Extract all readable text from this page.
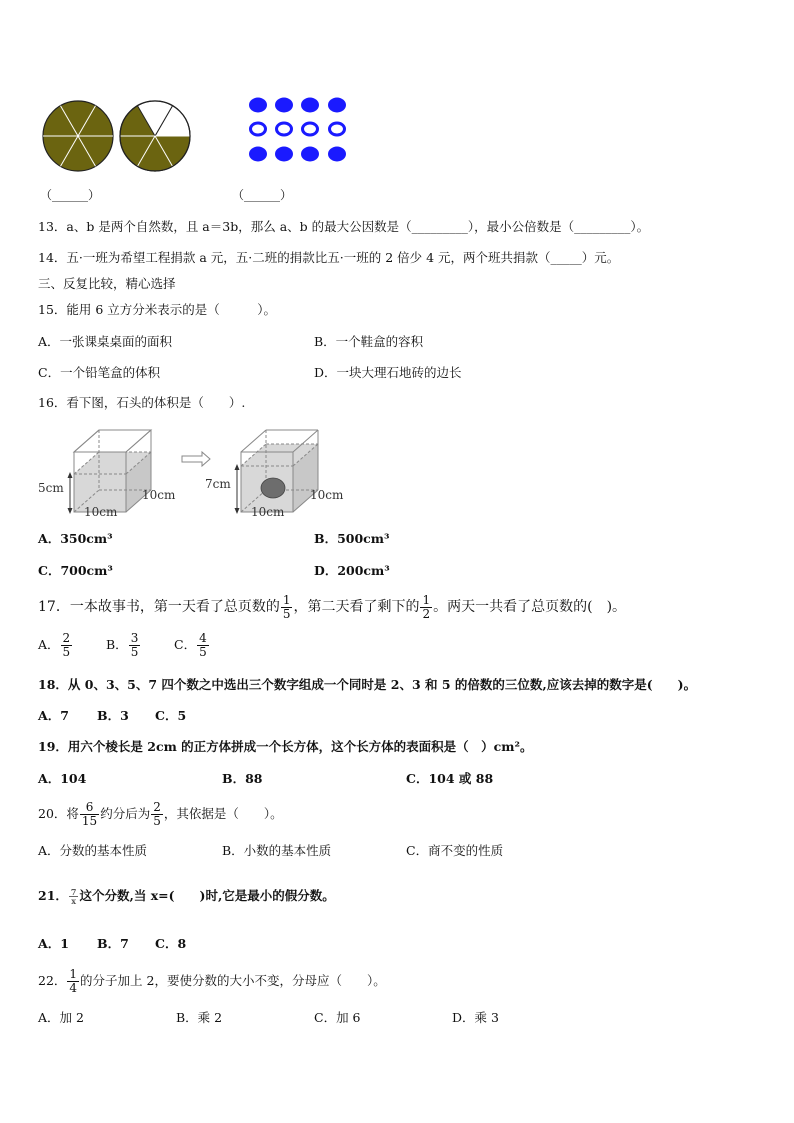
（______）	（______）
13．a、b 是两个自然数，且 a＝3b，那么 a、b 的最大公因数是（_________），最小公倍数是（_________）。
14．五·一班为希望工程捐款 a 元，五·二班的捐款比五·一班的 2 倍少 4 元，两个班共捐款（_____）元。
三、反复比较，精心选择
15．能用 6 立方分米表示的是（　　　）。
A．一张课桌桌面的面积	B．一个鞋盒的容积
C．一个铅笔盒的体积	D．一块大理石地砖的边长
16．看下图，石头的体积是（　　）.
5cm	10cm
10cm
7cm
10cm
10cm
A．350cm³	B．500cm³
C．700cm³	D．200cm³
17．一本故事书，第一天看了总页数的 $\frac{1}{5}$ ，第二天看了剩下的 $\frac{1}{2}$ 。两天一共看了总页数的(　)。
A． $\frac{2}{5}$	B． $\frac{3}{5}$	C． $\frac{4}{5}$
18．从 0、3、5、7 四个数之中选出三个数字组成一个同时是 2、3 和 5 的倍数的三位数,应该去掉的数字是(　　)。
A．7 B．3 C．5
19．用六个棱长是 2cm 的正方体拼成一个长方体，这个长方体的表面积是（　）cm²。
A．104	B．88	C．104 或 88
20．将 $\frac{6}{15}$ 约分后为 $\frac{2}{5}$ ，其依据是（　　）。
A．分数的基本性质	B．小数的基本性质	C．商不变的性质
21． $\frac{7}{x}$ 这个分数,当 x=(　　)时,它是最小的假分数。
A．1 B．7 C．8
22． $\frac{1}{4}$ 的分子加上 2，要使分数的大小不变，分母应（　　）。
A．加 2	B．乘 2	C．加 6	D．乘 3
